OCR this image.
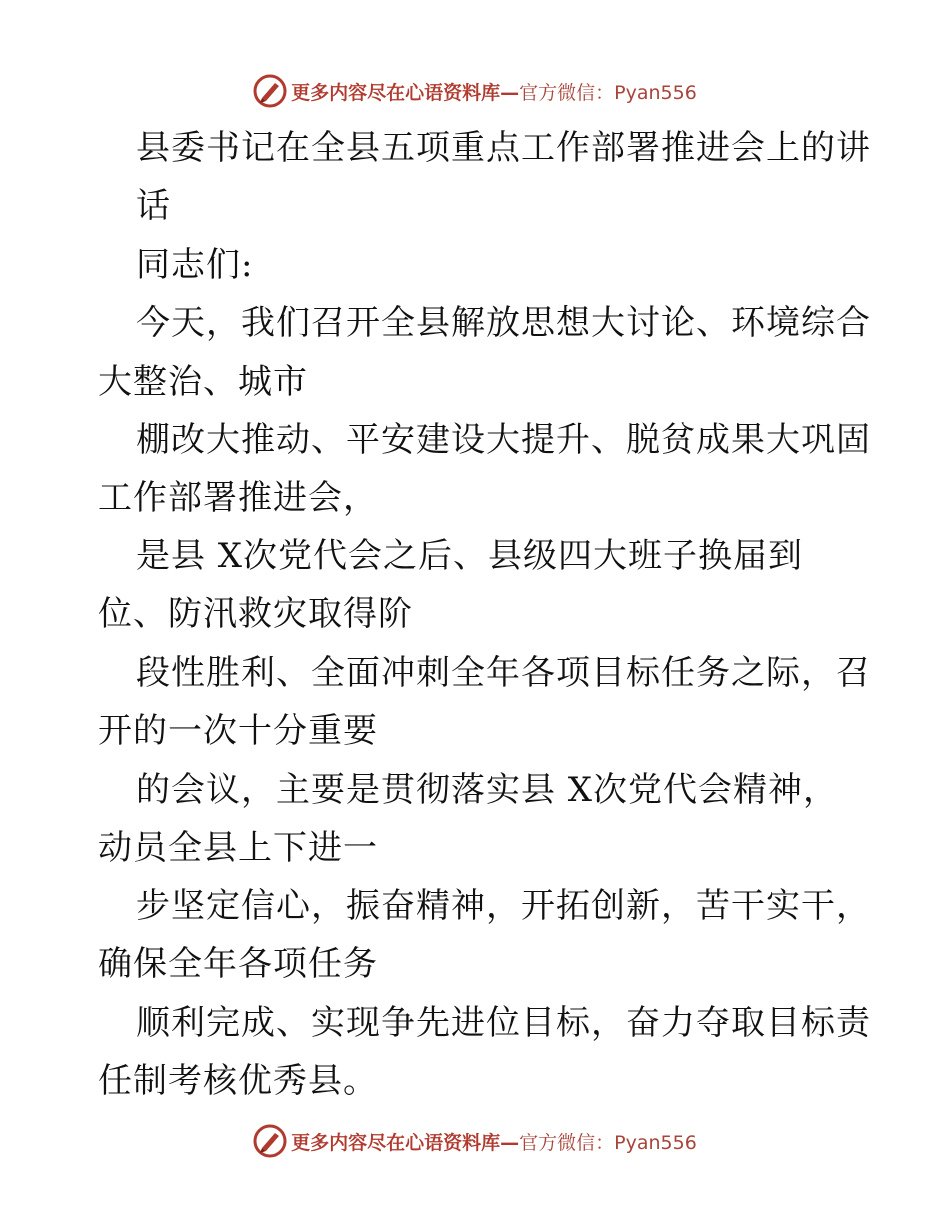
更多内容尽在心语资料库—官方微信：Pyan556
县委书记在全县五项重点工作部署推进会上的讲
话
同志们:
今天，我们召开全县解放思想大讨论、环境综合
大整治、城市
棚改大推动、平安建设大提升、脱贫成果大巩固
工作部署推进会，
是县 X次党代会之后、县级四大班子换届到
位、防汛救灾取得阶
段性胜利、全面冲刺全年各项目标任务之际，召
开的一次十分重要
的会议，主要是贯彻落实县 X次党代会精神，
动员全县上下进一
步坚定信心，振奋精神，开拓创新，苦干实干，
确保全年各项任务
顺利完成、实现争先进位目标，奋力夺取目标责
任制考核优秀县。
更多内容尽在心语资料库—官方微信：Pyan556
